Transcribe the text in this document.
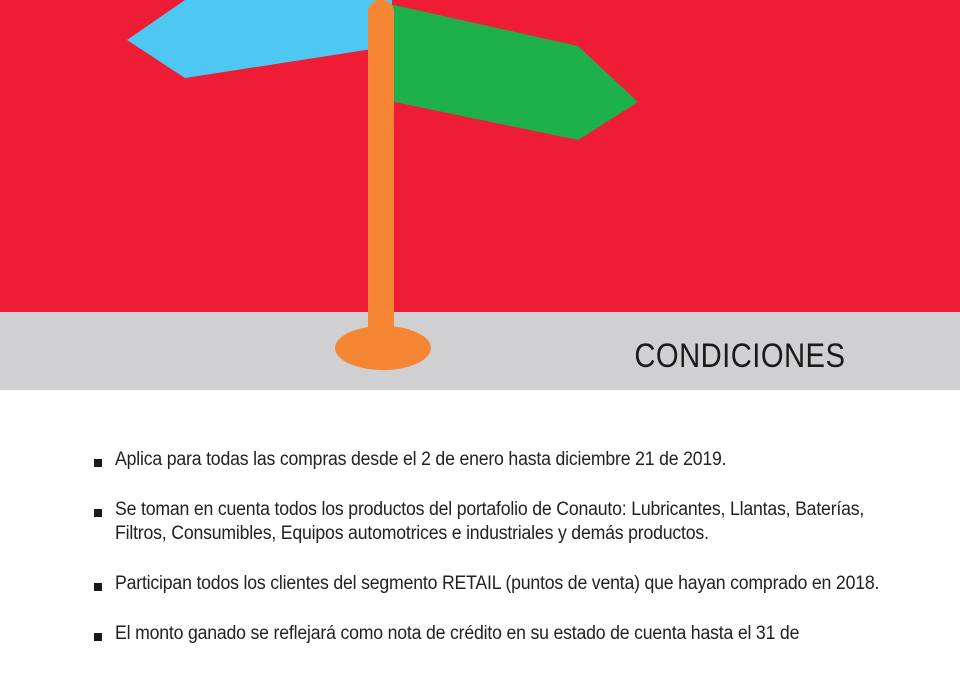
CONDICIONES
Aplica para todas las compras desde el 2 de enero hasta diciembre 21 de 2019.
Se toman en cuenta todos los productos del portafolio de Conauto: Lubricantes, Llantas, Baterías, Filtros, Consumibles, Equipos automotrices e industriales y demás productos.
Participan todos los clientes del segmento RETAIL (puntos de venta) que hayan comprado en 2018.
El monto ganado se reflejará como nota de crédito en su estado de cuenta hasta el 31 de
